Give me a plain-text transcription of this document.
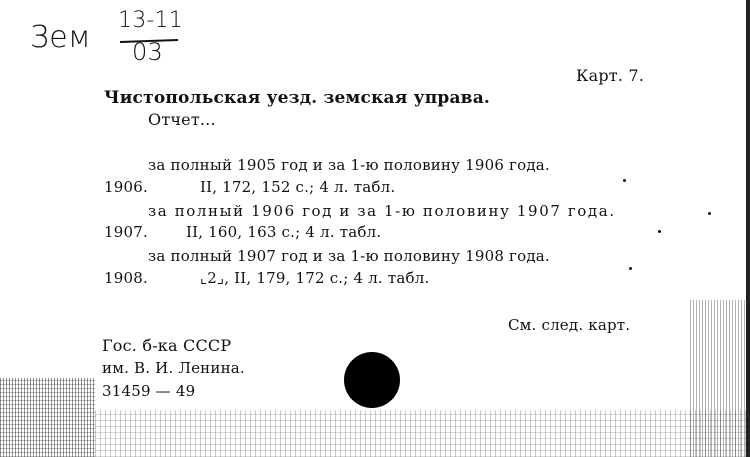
Зем 13-11
03
Карт. 7.
Чистопольская уезд. земская управа.
Отчет...
за полный 1905 год и за 1-ю половину 1906 года.
1906.	II, 172, 152 с.; 4 л. табл.
за полный 1906 год и за 1-ю половину 1907 года.
1907.	II, 160, 163 с.; 4 л. табл.
за полный 1907 год и за 1-ю половину 1908 года.
1908.	⌞2⌟, II, 179, 172 с.; 4 л. табл.
См. след. карт.
Гос. б-ка СССР
им. В. И. Ленина.
31459 — 49
